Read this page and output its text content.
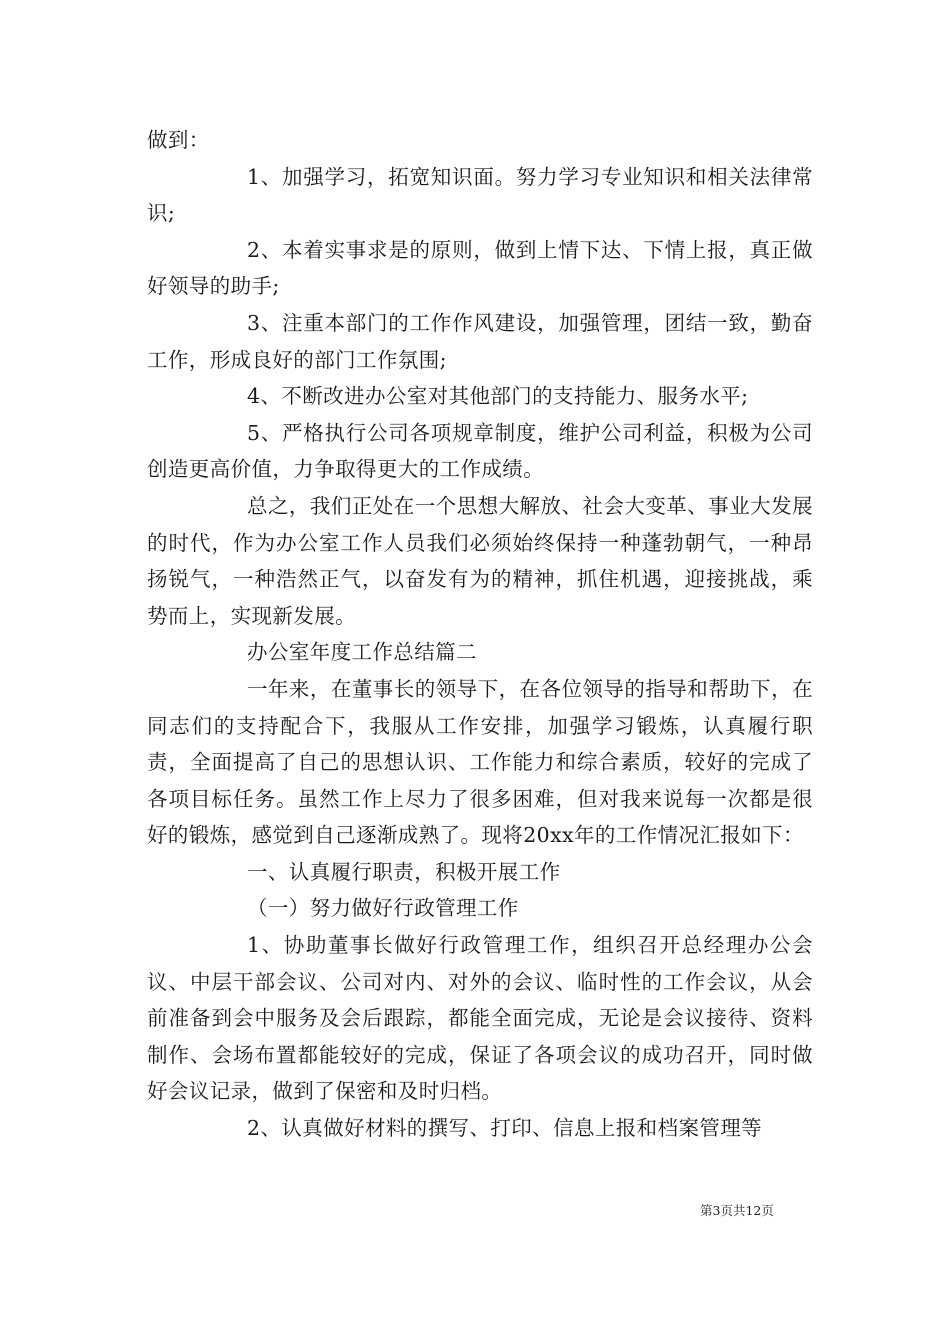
做到：

1、加强学习，拓宽知识面。努力学习专业知识和相关法律常识;

2、本着实事求是的原则，做到上情下达、下情上报，真正做好领导的助手;

3、注重本部门的工作作风建设，加强管理，团结一致，勤奋工作，形成良好的部门工作氛围;

4、不断改进办公室对其他部门的支持能力、服务水平;

5、严格执行公司各项规章制度，维护公司利益，积极为公司创造更高价值，力争取得更大的工作成绩。

总之，我们正处在一个思想大解放、社会大变革、事业大发展的时代，作为办公室工作人员我们必须始终保持一种蓬勃朝气，一种昂扬锐气，一种浩然正气，以奋发有为的精神，抓住机遇，迎接挑战，乘势而上，实现新发展。

办公室年度工作总结篇二

一年来，在董事长的领导下，在各位领导的指导和帮助下，在同志们的支持配合下，我服从工作安排，加强学习锻炼，认真履行职责，全面提高了自己的思想认识、工作能力和综合素质，较好的完成了各项目标任务。虽然工作上尽力了很多困难，但对我来说每一次都是很好的锻炼，感觉到自己逐渐成熟了。现将20xx年的工作情况汇报如下：

一、认真履行职责，积极开展工作

（一）努力做好行政管理工作

1、协助董事长做好行政管理工作，组织召开总经理办公会议、中层干部会议、公司对内、对外的会议、临时性的工作会议，从会前准备到会中服务及会后跟踪，都能全面完成，无论是会议接待、资料制作、会场布置都能较好的完成，保证了各项会议的成功召开，同时做好会议记录，做到了保密和及时归档。

2、认真做好材料的撰写、打印、信息上报和档案管理等

第3页共12页
